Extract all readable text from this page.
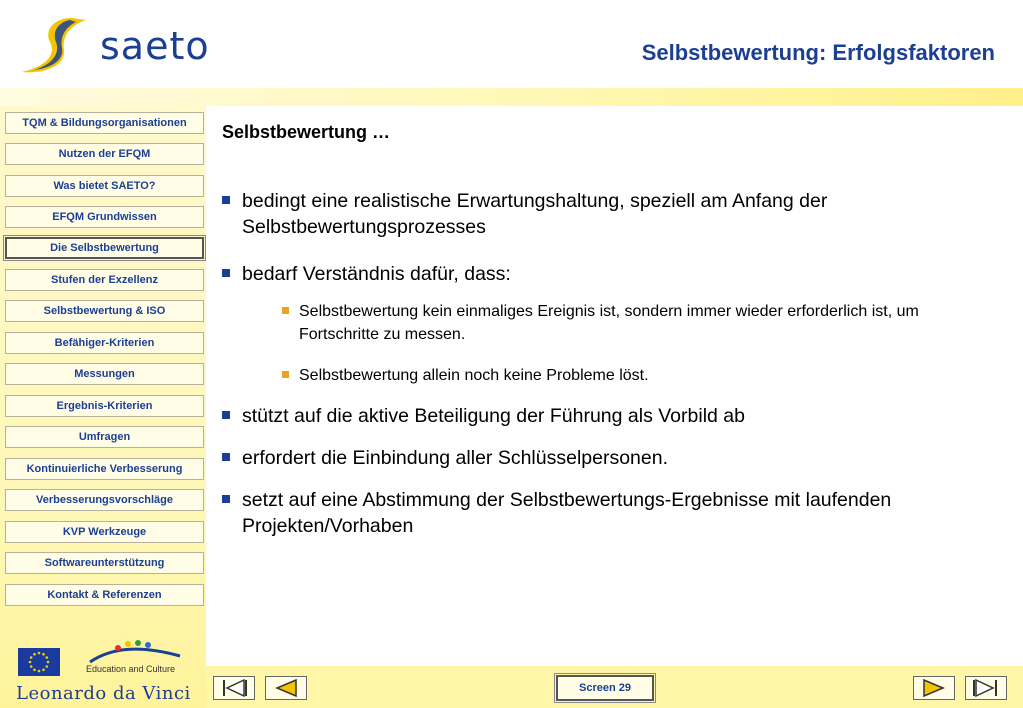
saeto	Selbstbewertung: Erfolgsfaktoren
TQM & Bildungsorganisationen
Nutzen der EFQM
Was bietet SAETO?
EFQM Grundwissen
Die Selbstbewertung
Stufen der Exzellenz
Selbstbewertung & ISO
Befähiger-Kriterien
Messungen
Ergebnis-Kriterien
Umfragen
Kontinuierliche Verbesserung
Verbesserungsvorschläge
KVP Werkzeuge
Softwareunterstützung
Kontakt & Referenzen
Education and Culture
Leonardo da Vinci
Selbstbewertung …
bedingt eine realistische Erwartungshaltung, speziell am Anfang der Selbstbewertungsprozesses
bedarf Verständnis dafür, dass:
Selbstbewertung kein einmaliges Ereignis ist, sondern immer wieder erforderlich ist, um Fortschritte zu messen.
Selbstbewertung allein noch keine Probleme löst.
stützt auf die aktive Beteiligung der Führung als Vorbild ab
erfordert die Einbindung aller Schlüsselpersonen.
setzt auf eine Abstimmung der Selbstbewertungs-Ergebnisse mit laufenden Projekten/Vorhaben
Screen 29
